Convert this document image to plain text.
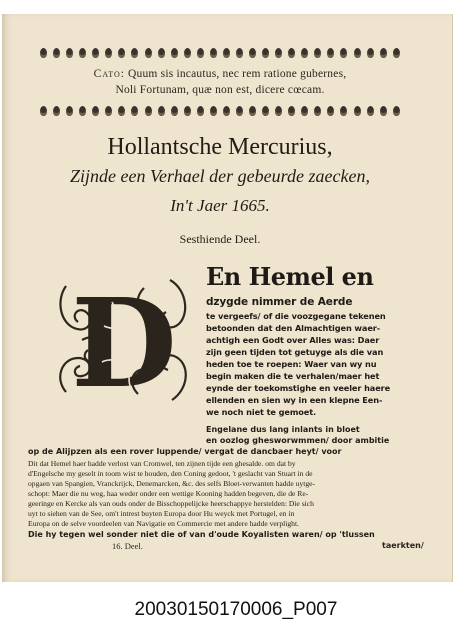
Cato: Quum sis incautus, nec rem ratione gubernes,
Noli Fortunam, quæ non est, dicere cœcam.
Hollantsche Mercurius,
Zijnde een Verhael der gebeurde zaecken,
In't Jaer 1665.
Sesthiende Deel.
D En Hemel en
dzygde nimmer de Aerde
te vergeefs/ of die voozgegane tekenen
betoonden dat den Almachtigen waer-
achtigh een Godt over Alles was: Daer
zijn geen tijden tot getuyge als die van
heden toe te roepen: Waer van wy nu
begin maken die te verhalen/maer het
eynde der toekomstighe en veeler haere
ellenden en sien wy in een klepne Een-
we noch niet te gemoet.
Engelane dus lang inlants in bloet
en oozlog ghesworwmmen/ door ambitie
op de Alijpzen als een rover luppende/ vergat de dancbaer heyt/ voor
Dit dat Hemel haer hadde verlost van Cromwel, ten zijnen tijde een ghesalde. om dat by
d'Engelsche my geselt in toom wist te houden, den Coning gedoot, 't geslacht van Stuart in de
opgaen van Spangien, Vranckrijck, Denemarcken, &c. des selfs Bloet-verwanten hadde uytge-
schopt: Maer die nu weg, haa weder onder een wettige Kooning hadden begeven, die de Re-
geeringe en Kercke als van ouds onder de Bisschoppelijcke heerschappye herstelden: Die sich
uyt to siehen van de See, om't intrest buyten Europa door Hu weyck met Portugel, en in
Europa on de selve voordeelen van Navigatie en Commercie met andere hadde verplight.
Die hy tegen wel sonder niet die of van d'oude Koyalisten waren/ op 'tlussen
16. Deel.	taerkten/
20030150170006_P007
